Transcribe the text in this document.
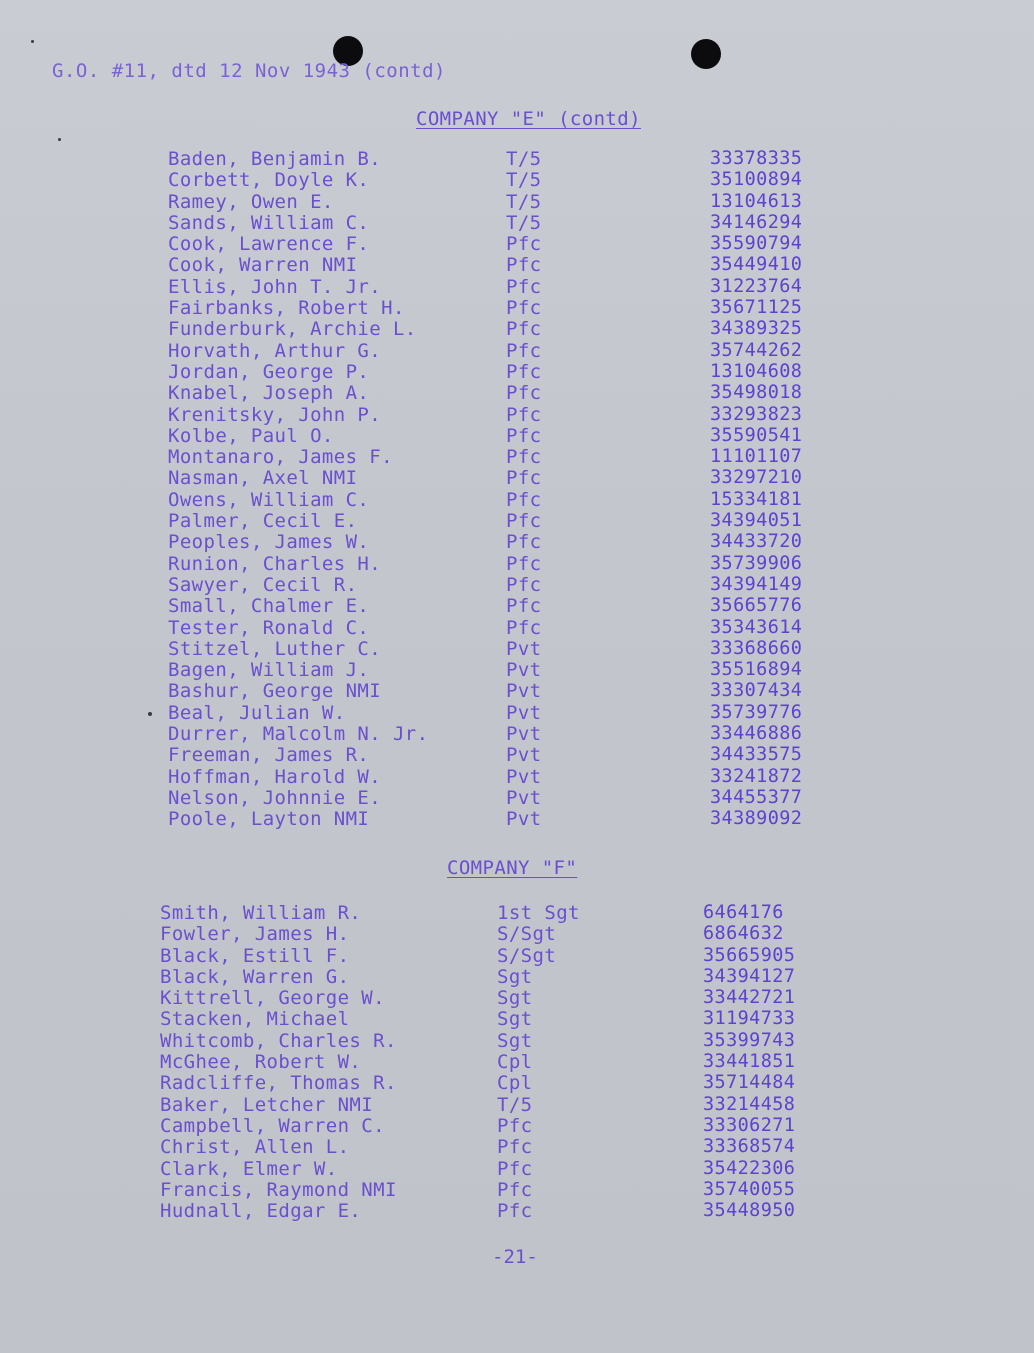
G.O. #11, dtd 12 Nov 1943 (contd)
COMPANY "E" (contd)
Baden, Benjamin B.	T/5	33378335
Corbett, Doyle K.	T/5	35100894
Ramey, Owen E.	T/5	13104613
Sands, William C.	T/5	34146294
Cook, Lawrence F.	Pfc	35590794
Cook, Warren NMI	Pfc	35449410
Ellis, John T. Jr.	Pfc	31223764
Fairbanks, Robert H.	Pfc	35671125
Funderburk, Archie L.	Pfc	34389325
Horvath, Arthur G.	Pfc	35744262
Jordan, George P.	Pfc	13104608
Knabel, Joseph A.	Pfc	35498018
Krenitsky, John P.	Pfc	33293823
Kolbe, Paul O.	Pfc	35590541
Montanaro, James F.	Pfc	11101107
Nasman, Axel NMI	Pfc	33297210
Owens, William C.	Pfc	15334181
Palmer, Cecil E.	Pfc	34394051
Peoples, James W.	Pfc	34433720
Runion, Charles H.	Pfc	35739906
Sawyer, Cecil R.	Pfc	34394149
Small, Chalmer E.	Pfc	35665776
Tester, Ronald C.	Pfc	35343614
Stitzel, Luther C.	Pvt	33368660
Bagen, William J.	Pvt	35516894
Bashur, George NMI	Pvt	33307434
Beal, Julian W.	Pvt	35739776
Durrer, Malcolm N. Jr.	Pvt	33446886
Freeman, James R.	Pvt	34433575
Hoffman, Harold W.	Pvt	33241872
Nelson, Johnnie E.	Pvt	34455377
Poole, Layton NMI	Pvt	34389092
COMPANY "F"
Smith, William R.	1st Sgt	6464176
Fowler, James H.	S/Sgt	6864632
Black, Estill F.	S/Sgt	35665905
Black, Warren G.	Sgt	34394127
Kittrell, George W.	Sgt	33442721
Stacken, Michael	Sgt	31194733
Whitcomb, Charles R.	Sgt	35399743
McGhee, Robert W.	Cpl	33441851
Radcliffe, Thomas R.	Cpl	35714484
Baker, Letcher NMI	T/5	33214458
Campbell, Warren C.	Pfc	33306271
Christ, Allen L.	Pfc	33368574
Clark, Elmer W.	Pfc	35422306
Francis, Raymond NMI	Pfc	35740055
Hudnall, Edgar E.	Pfc	35448950
-21-
